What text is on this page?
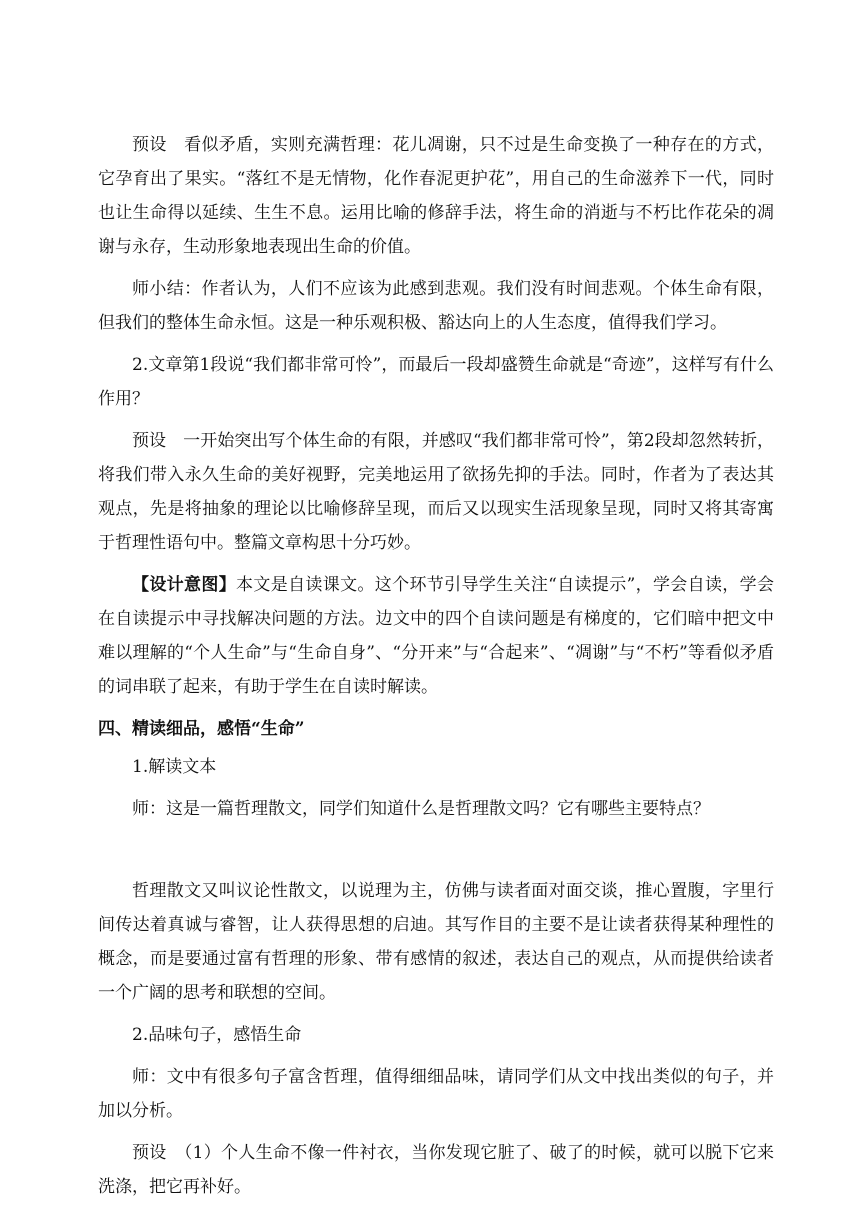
预设　看似矛盾，实则充满哲理：花儿凋谢，只不过是生命变换了一种存在的方式，它孕育出了果实。“落红不是无情物，化作春泥更护花”，用自己的生命滋养下一代，同时也让生命得以延续、生生不息。运用比喻的修辞手法，将生命的消逝与不朽比作花朵的凋谢与永存，生动形象地表现出生命的价值。

师小结：作者认为，人们不应该为此感到悲观。我们没有时间悲观。个体生命有限，但我们的整体生命永恒。这是一种乐观积极、豁达向上的人生态度，值得我们学习。

2.文章第1段说“我们都非常可怜”，而最后一段却盛赞生命就是“奇迹”，这样写有什么作用？

预设　一开始突出写个体生命的有限，并感叹“我们都非常可怜”，第2段却忽然转折，将我们带入永久生命的美好视野，完美地运用了欲扬先抑的手法。同时，作者为了表达其观点，先是将抽象的理论以比喻修辞呈现，而后又以现实生活现象呈现，同时又将其寄寓于哲理性语句中。整篇文章构思十分巧妙。

【设计意图】本文是自读课文。这个环节引导学生关注“自读提示”，学会自读，学会在自读提示中寻找解决问题的方法。边文中的四个自读问题是有梯度的，它们暗中把文中难以理解的“个人生命”与“生命自身”、“分开来”与“合起来”、“凋谢”与“不朽”等看似矛盾的词串联了起来，有助于学生在自读时解读。

四、精读细品，感悟“生命”

1.解读文本

师：这是一篇哲理散文，同学们知道什么是哲理散文吗？它有哪些主要特点？

哲理散文又叫议论性散文，以说理为主，仿佛与读者面对面交谈，推心置腹，字里行间传达着真诚与睿智，让人获得思想的启迪。其写作目的主要不是让读者获得某种理性的概念，而是要通过富有哲理的形象、带有感情的叙述，表达自己的观点，从而提供给读者一个广阔的思考和联想的空间。

2.品味句子，感悟生命

师：文中有很多句子富含哲理，值得细细品味，请同学们从文中找出类似的句子，并加以分析。

预设　（1）个人生命不像一件衬衣，当你发现它脏了、破了的时候，就可以脱下它来洗涤，把它再补好。
